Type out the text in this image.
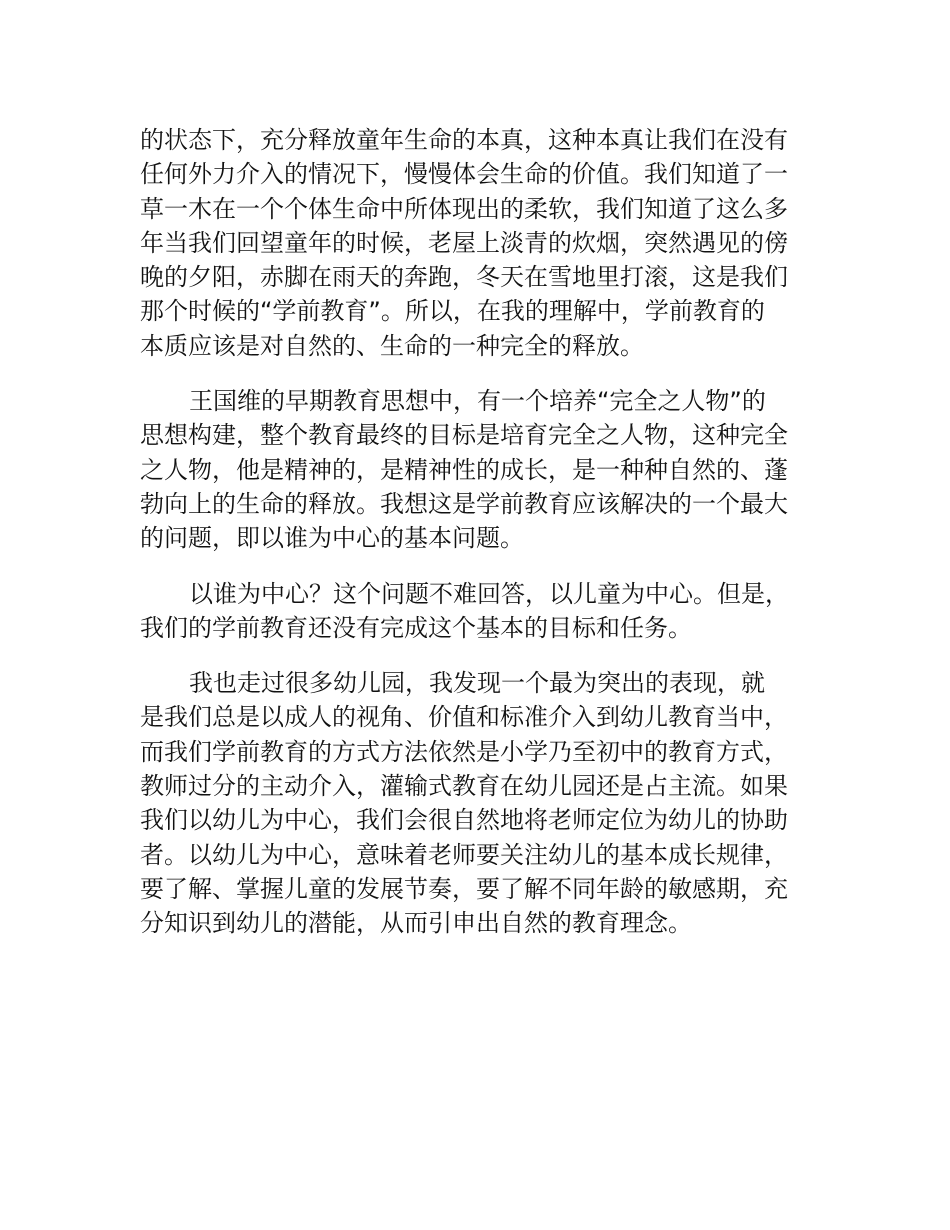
的状态下，充分释放童年生命的本真，这种本真让我们在没有
任何外力介入的情况下，慢慢体会生命的价值。我们知道了一
草一木在一个个体生命中所体现出的柔软，我们知道了这么多
年当我们回望童年的时候，老屋上淡青的炊烟，突然遇见的傍
晚的夕阳，赤脚在雨天的奔跑，冬天在雪地里打滚，这是我们
那个时候的“学前教育”。所以，在我的理解中，学前教育的
本质应该是对自然的、生命的一种完全的释放。
王国维的早期教育思想中，有一个培养“完全之人物”的
思想构建，整个教育最终的目标是培育完全之人物，这种完全
之人物，他是精神的，是精神性的成长，是一种种自然的、蓬
勃向上的生命的释放。我想这是学前教育应该解决的一个最大
的问题，即以谁为中心的基本问题。
以谁为中心？这个问题不难回答，以儿童为中心。但是，
我们的学前教育还没有完成这个基本的目标和任务。
我也走过很多幼儿园，我发现一个最为突出的表现，就
是我们总是以成人的视角、价值和标准介入到幼儿教育当中，
而我们学前教育的方式方法依然是小学乃至初中的教育方式，
教师过分的主动介入，灌输式教育在幼儿园还是占主流。如果
我们以幼儿为中心，我们会很自然地将老师定位为幼儿的协助
者。以幼儿为中心，意味着老师要关注幼儿的基本成长规律，
要了解、掌握儿童的发展节奏，要了解不同年龄的敏感期，充
分知识到幼儿的潜能，从而引申出自然的教育理念。
